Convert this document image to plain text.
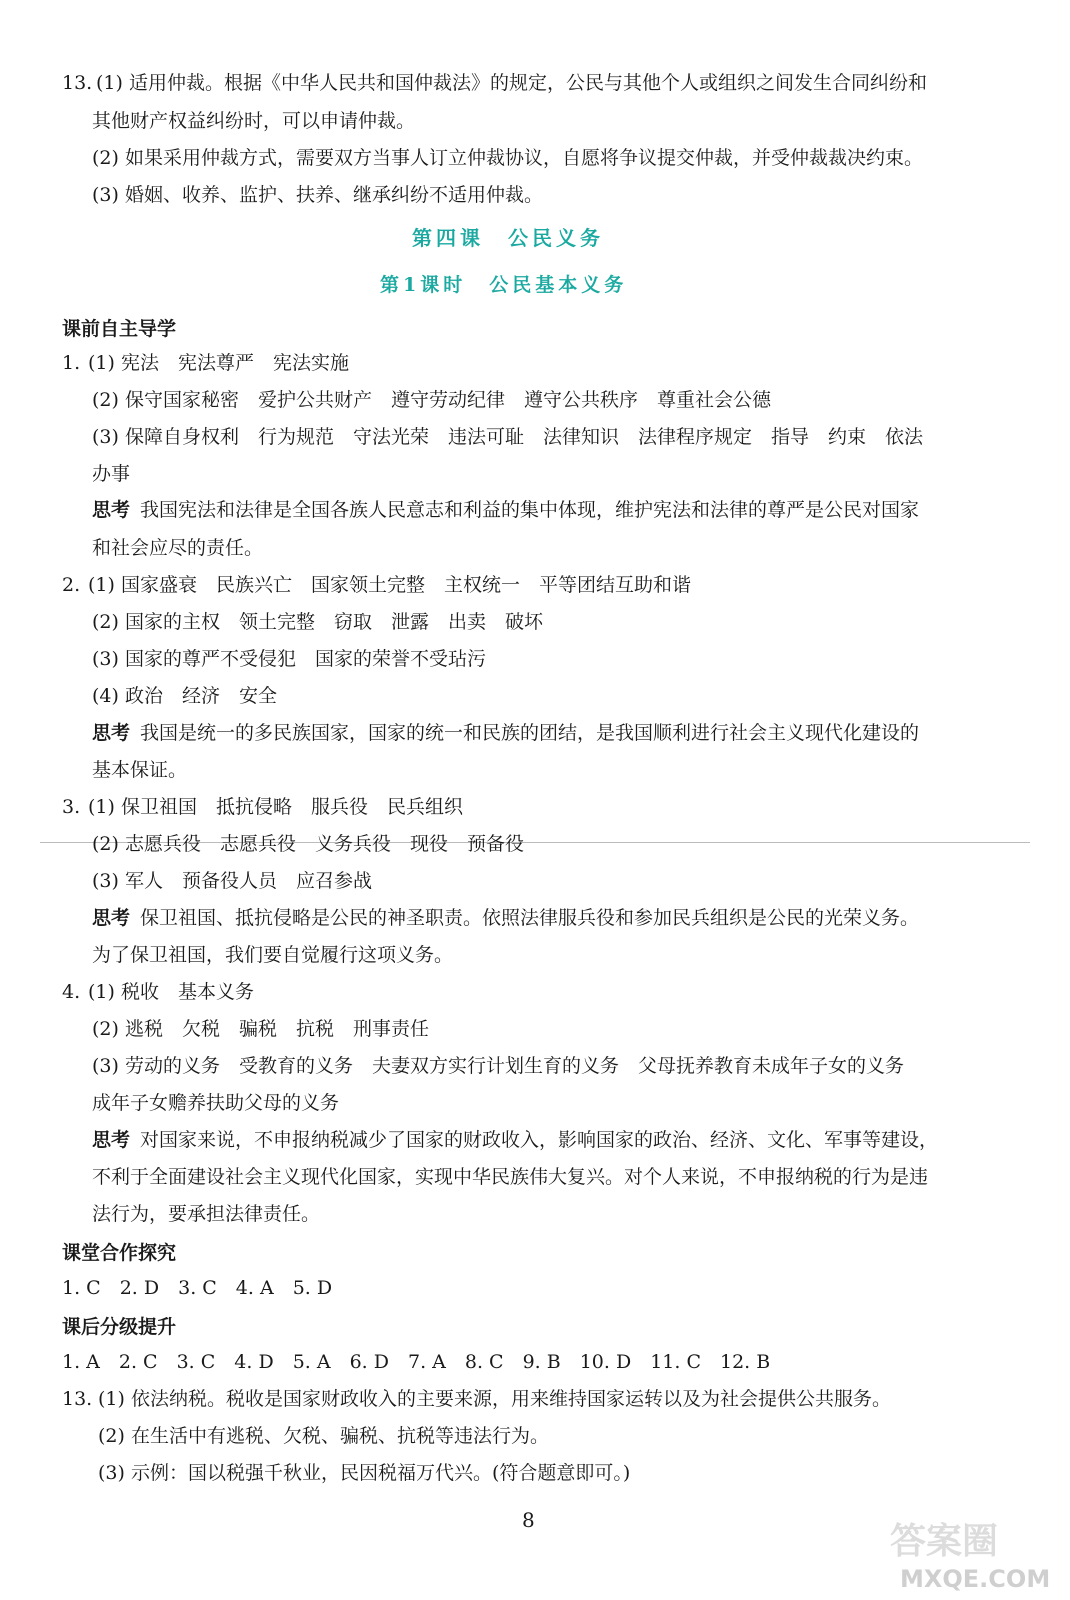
13. (1) 适用仲裁。根据《中华人民共和国仲裁法》的规定，公民与其他个人或组织之间发生合同纠纷和
其他财产权益纠纷时，可以申请仲裁。
(2) 如果采用仲裁方式，需要双方当事人订立仲裁协议，自愿将争议提交仲裁，并受仲裁裁决约束。
(3) 婚姻、收养、监护、扶养、继承纠纷不适用仲裁。
第四课　公民义务
第1课时　公民基本义务
课前自主导学
1. (1) 宪法　宪法尊严　宪法实施
(2) 保守国家秘密　爱护公共财产　遵守劳动纪律　遵守公共秩序　尊重社会公德
(3) 保障自身权利　行为规范　守法光荣　违法可耻　法律知识　法律程序规定　指导　约束　依法
办事
思考 我国宪法和法律是全国各族人民意志和利益的集中体现，维护宪法和法律的尊严是公民对国家
和社会应尽的责任。
2. (1) 国家盛衰　民族兴亡　国家领土完整　主权统一　平等团结互助和谐
(2) 国家的主权　领土完整　窃取　泄露　出卖　破坏
(3) 国家的尊严不受侵犯　国家的荣誉不受玷污
(4) 政治　经济　安全
思考 我国是统一的多民族国家，国家的统一和民族的团结，是我国顺利进行社会主义现代化建设的
基本保证。
3. (1) 保卫祖国　抵抗侵略　服兵役　民兵组织
(2) 志愿兵役　志愿兵役　义务兵役　现役　预备役
(3) 军人　预备役人员　应召参战
思考 保卫祖国、抵抗侵略是公民的神圣职责。依照法律服兵役和参加民兵组织是公民的光荣义务。
为了保卫祖国，我们要自觉履行这项义务。
4. (1) 税收　基本义务
(2) 逃税　欠税　骗税　抗税　刑事责任
(3) 劳动的义务　受教育的义务　夫妻双方实行计划生育的义务　父母抚养教育未成年子女的义务
成年子女赡养扶助父母的义务
思考 对国家来说，不申报纳税减少了国家的财政收入，影响国家的政治、经济、文化、军事等建设，
不利于全面建设社会主义现代化国家，实现中华民族伟大复兴。对个人来说，不申报纳税的行为是违
法行为，要承担法律责任。
课堂合作探究
1. C　2. D　3. C　4. A　5. D
课后分级提升
1. A　2. C　3. C　4. D　5. A　6. D　7. A　8. C　9. B　10. D　11. C　12. B
13. (1) 依法纳税。税收是国家财政收入的主要来源，用来维持国家运转以及为社会提供公共服务。
(2) 在生活中有逃税、欠税、骗税、抗税等违法行为。
(3) 示例：国以税强千秋业，民因税福万代兴。(符合题意即可。)
8
答案圈
MXQE.COM
